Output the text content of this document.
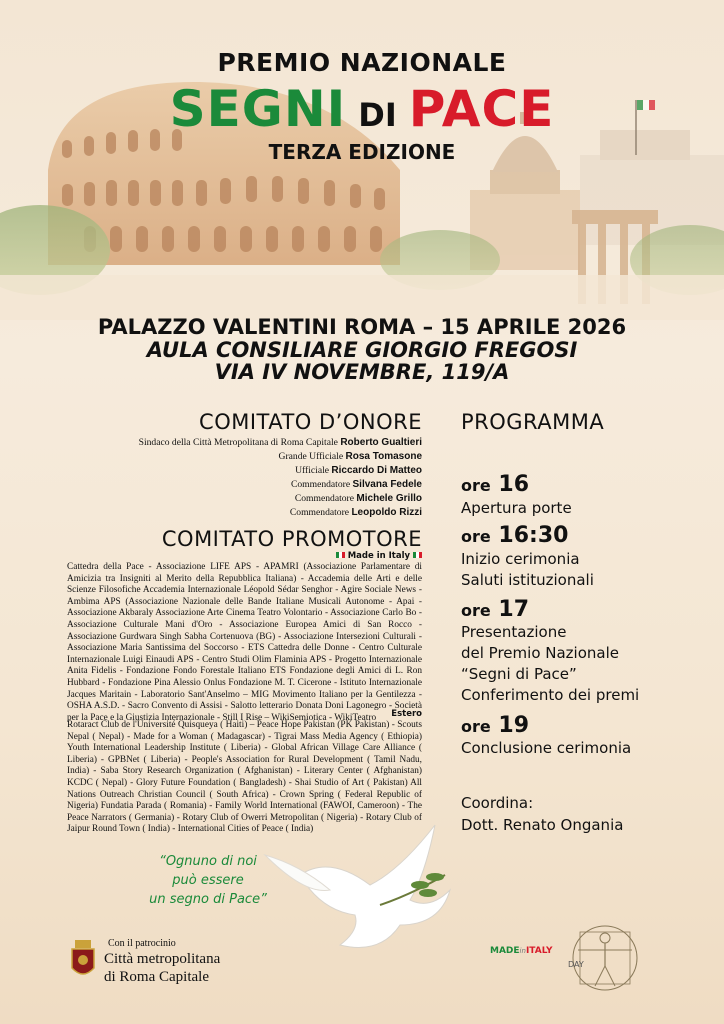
PREMIO NAZIONALE
SEGNI DI PACE
TERZA EDIZIONE
PALAZZO VALENTINI ROMA – 15 APRILE 2026
AULA CONSILIARE GIORGIO FREGOSI
VIA IV NOVEMBRE, 119/A
COMITATO D’ONORE
Sindaco della Città Metropolitana di Roma Capitale Roberto Gualtieri
Grande Ufficiale Rosa Tomasone
Ufficiale Riccardo Di Matteo
Commendatore Silvana Fedele
Commendatore Michele Grillo
Commendatore Leopoldo Rizzi
COMITATO PROMOTORE
Made in Italy

Cattedra della Pace - Associazione LIFE APS - APAMRI (Associazione Parlamentare di Amicizia tra Insigniti al Merito della Repubblica Italiana) - Accademia delle Arti e delle Scienze Filosofiche Accademia Internazionale Léopold Sédar Senghor - Agire Sociale News - Ambima APS (Associazione Nazionale delle Bande Italiane Musicali Autonome - Apai - Associazione Akbaraly Associazione Arte Cinema Teatro Volontario - Associazione Carlo Bo - Associazione Culturale Mani d'Oro - Associazione Europea Amici di San Rocco - Associazione Gurdwara Singh Sabha Cortenuova (BG) - Associazione Intersezioni Culturali - Associazione Maria Santissima del Soccorso - ETS Cattedra delle Donne - Centro Culturale Internazionale Luigi Einaudi APS - Centro Studi Olim Flaminia APS - Progetto Internazionale Anita Fidelis - Fondazione Fondo Forestale Italiano ETS Fondazione degli Amici di L. Ron Hubbard - Fondazione Pina Alessio Onlus Fondazione M. T. Cicerone - Istituto Internazionale Jacques Maritain - Laboratorio Sant'Anselmo – MIG Movimento Italiano per la Gentilezza - OSHA A.S.D. - Sacro Convento di Assisi - Salotto letterario Donata Doni Lagonegro - Società per la Pace e la Giustizia Internazionale - Still I Rise – WikiSemiotica - WikiTeatro	Estero

Rotaract Club de l'Université Quisqueya ( Haiti) – Peace Hope Pakistan (PK Pakistan) - Scouts Nepal ( Nepal) - Made for a Woman ( Madagascar) - Tigrai Mass Media Agency ( Ethiopia) Youth International Leadership Institute ( Liberia) - Global African Village Care Alliance ( Liberia) - GPBNet ( Liberia) - People's Association for Rural Development ( Tamil Nadu, India) - Saba Story Research Organization ( Afghanistan) - Literary Center ( Afghanistan) KCDC ( Nepal) - Glory Future Foundation ( Bangladesh) - Shai Studio of Art ( Pakistan) All Nations Outreach Christian Council ( South Africa) - Crown Spring ( Federal Republic of Nigeria) Fundatia Parada ( Romania) - Family World International (FAWOI, Cameroon) - The Peace Narrators ( Germania) - Rotary Club of Owerri Metropolitan ( Nigeria) - Rotary Club of Jaipur Round Town ( India) - International Cities of Peace ( India)

PROGRAMMA
ore 16
Apertura porte
ore 16:30
Inizio cerimonia
Saluti istituzionali
ore 17
Presentazione
del Premio Nazionale
“Segni di Pace”
Conferimento dei premi
ore 19
Conclusione cerimonia
Coordina:
Dott. Renato Ongania
“Ognuno di noi
può essere
un segno di Pace”
Con il patrocinio
Città metropolitana
di Roma Capitale
MADEinITALY
DAY
